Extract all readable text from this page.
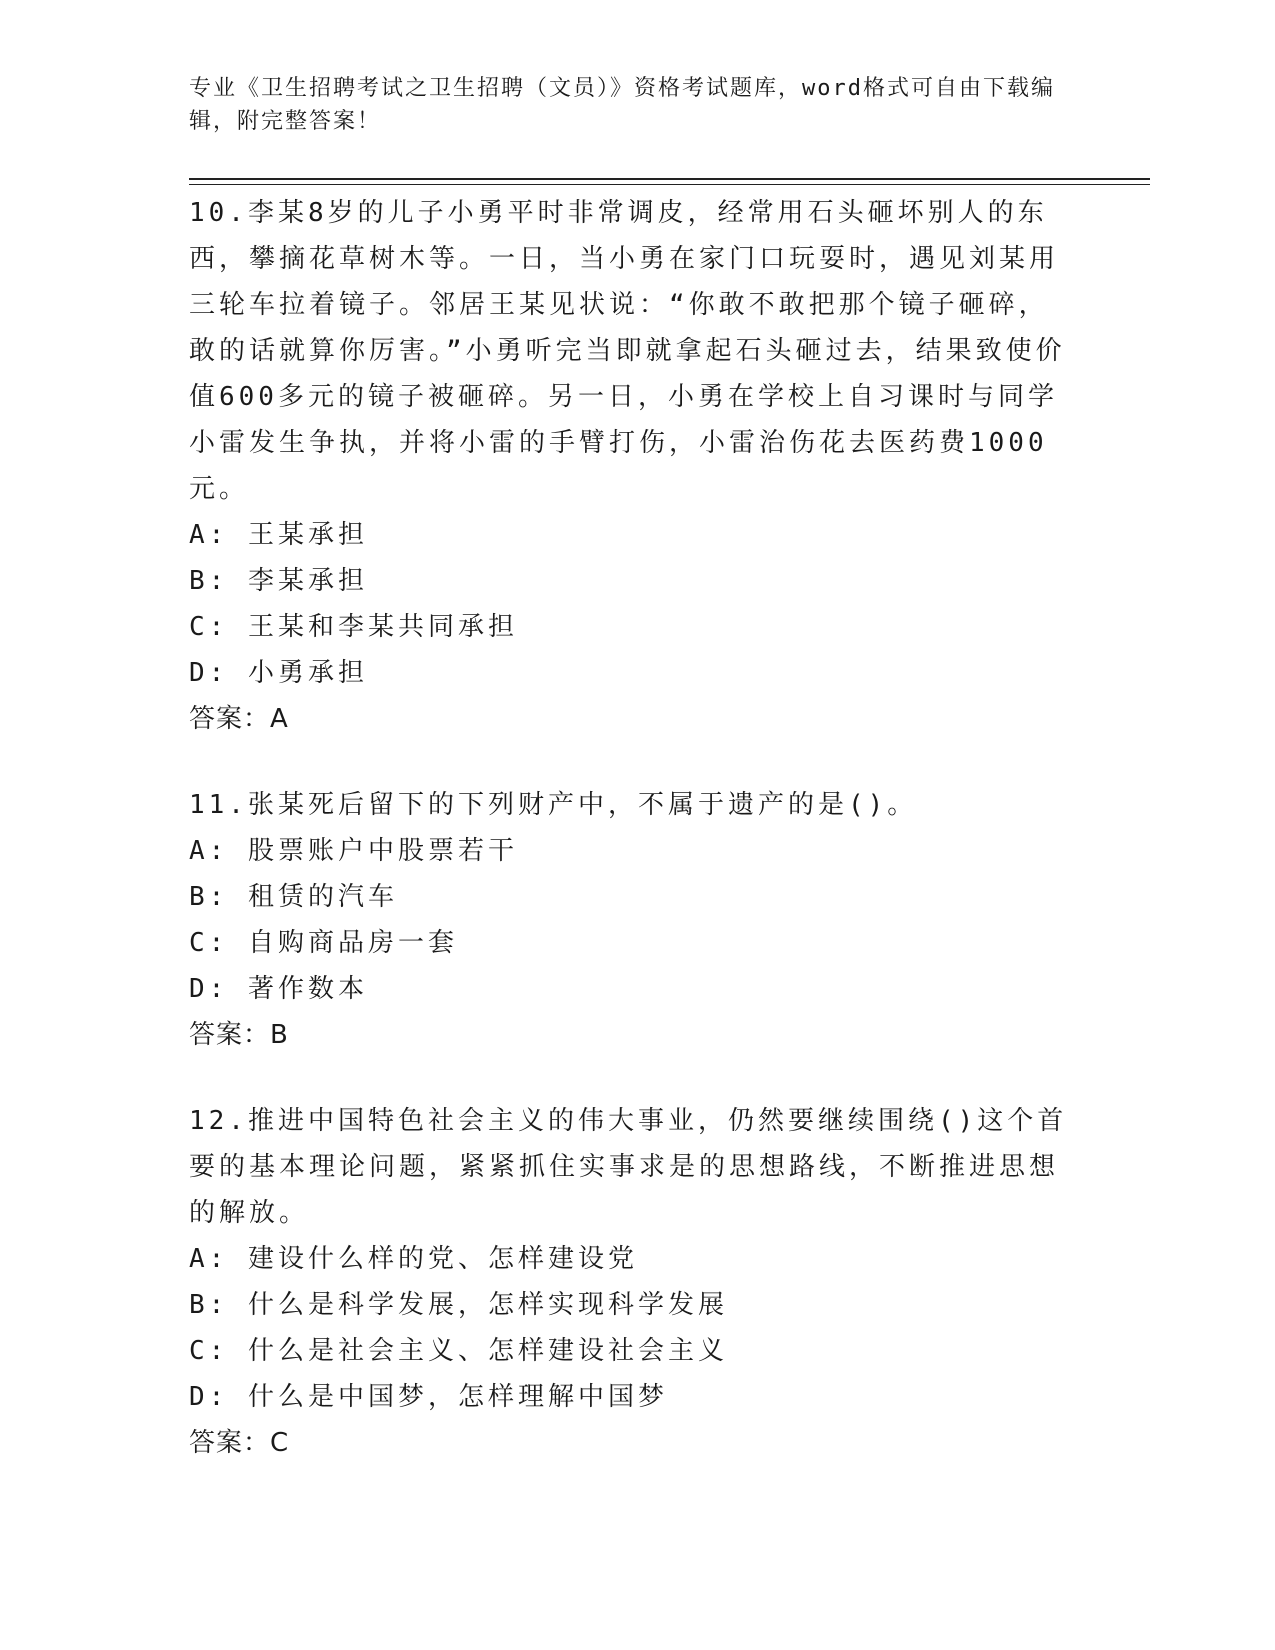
专业《卫生招聘考试之卫生招聘（文员）》资格考试题库，word格式可自由下载编辑，附完整答案！

10.李某8岁的儿子小勇平时非常调皮，经常用石头砸坏别人的东西，攀摘花草树木等。一日，当小勇在家门口玩耍时，遇见刘某用三轮车拉着镜子。邻居王某见状说：“你敢不敢把那个镜子砸碎，敢的话就算你厉害。”小勇听完当即就拿起石头砸过去，结果致使价值600多元的镜子被砸碎。另一日，小勇在学校上自习课时与同学小雷发生争执，并将小雷的手臂打伤，小雷治伤花去医药费1000元。

A: 王某承担

B: 李某承担

C: 王某和李某共同承担

D: 小勇承担

答案：A

11.张某死后留下的下列财产中，不属于遗产的是()。

A: 股票账户中股票若干

B: 租赁的汽车

C: 自购商品房一套

D: 著作数本

答案：B

12.推进中国特色社会主义的伟大事业，仍然要继续围绕()这个首要的基本理论问题，紧紧抓住实事求是的思想路线，不断推进思想的解放。

A: 建设什么样的党、怎样建设党

B: 什么是科学发展，怎样实现科学发展

C: 什么是社会主义、怎样建设社会主义

D: 什么是中国梦，怎样理解中国梦

答案：C
